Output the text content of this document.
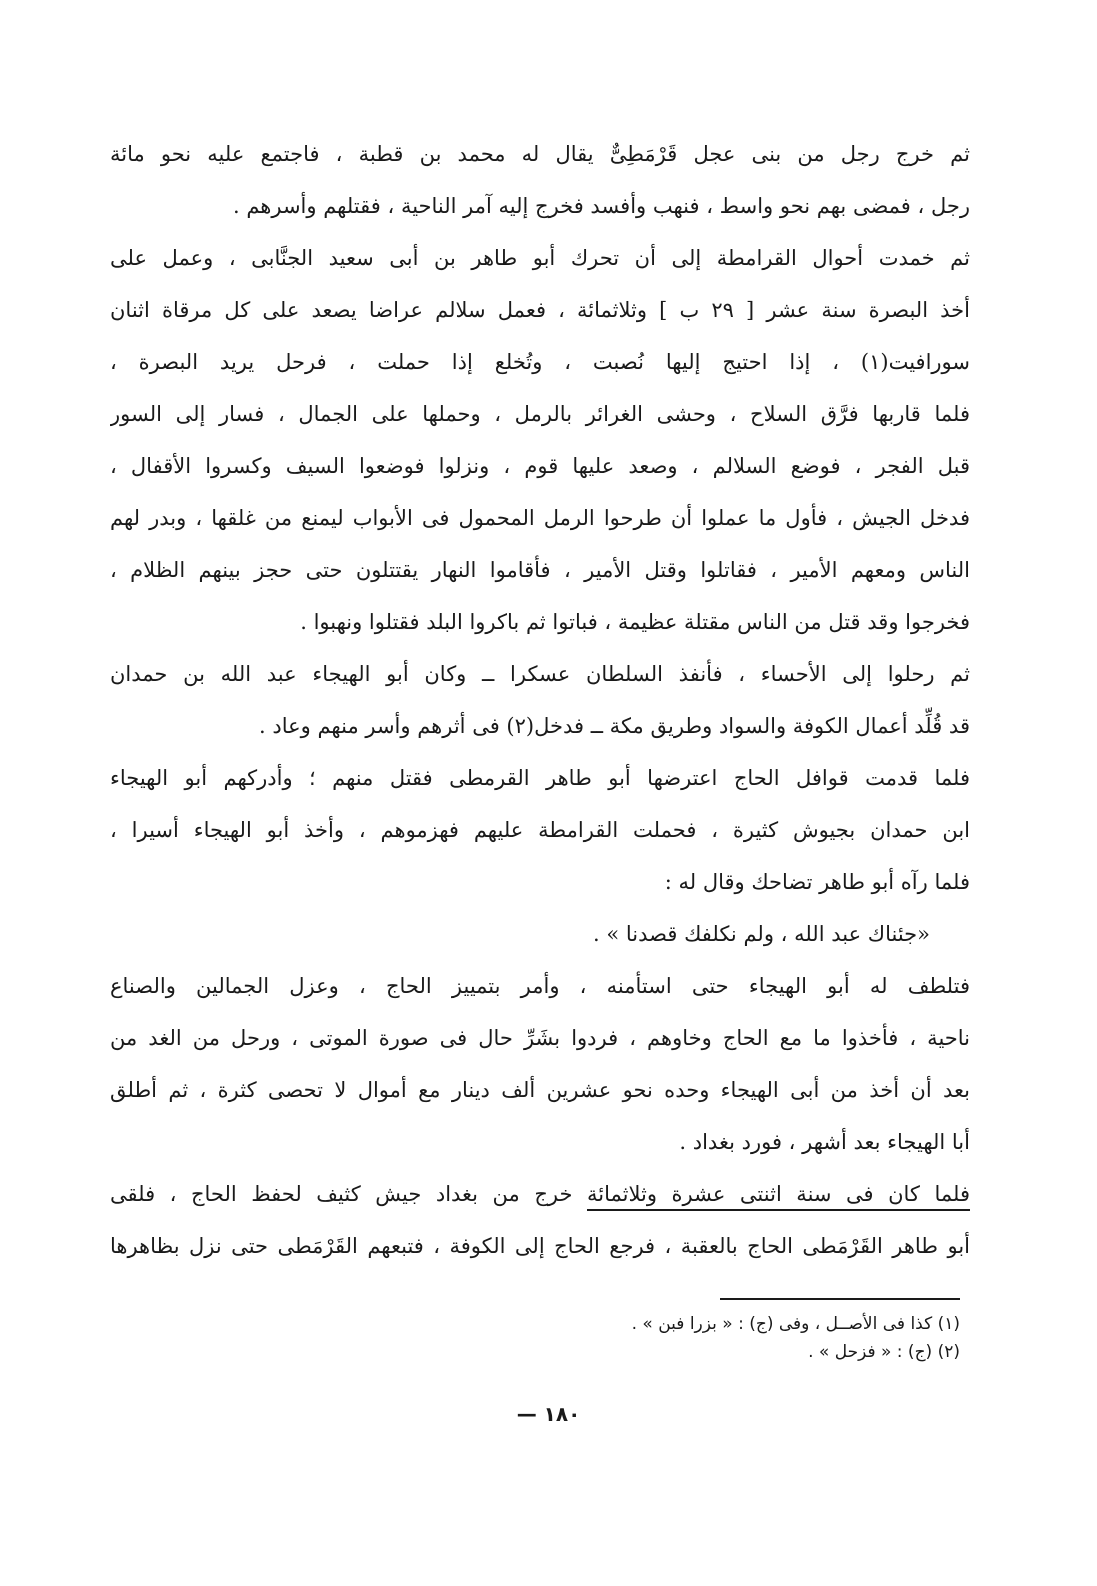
ثم خرج رجل من بنى عجل قَرْمَطِىٌّ يقال له محمد بن قطبة ، فاجتمع عليه نحو مائة
رجل ، فمضى بهم نحو واسط ، فنهب وأفسد فخرج إليه آمر الناحية ، فقتلهم وأسرهم .
ثم خمدت أحوال القرامطة إلى أن تحرك أبو طاهر بن أبى سعيد الجنَّابى ، وعمل على
أخذ البصرة سنة عشر [ ٢٩ ب ] وثلاثمائة ، فعمل سلالم عراضا يصعد على كل مرقاة اثنان
سورافيت(١) ، إذا احتيج إليها نُصبت ، وتُخلع إذا حملت ، فرحل يريد البصرة ،
فلما قاربها فرَّق السلاح ، وحشى الغرائر بالرمل ، وحملها على الجمال ، فسار إلى السور
قبل الفجر ، فوضع السلالم ، وصعد عليها قوم ، ونزلوا فوضعوا السيف وكسروا الأقفال ،
فدخل الجيش ، فأول ما عملوا أن طرحوا الرمل المحمول فى الأبواب ليمنع من غلقها ، وبدر لهم
الناس ومعهم الأمير ، فقاتلوا وقتل الأمير ، فأقاموا النهار يقتتلون حتى حجز بينهم الظلام ،
فخرجوا وقد قتل من الناس مقتلة عظيمة ، فباتوا ثم باكروا البلد فقتلوا ونهبوا .
ثم رحلوا إلى الأحساء ، فأنفذ السلطان عسكرا ــ وكان أبو الهيجاء عبد الله بن حمدان
قد قُلِّد أعمال الكوفة والسواد وطريق مكة ــ فدخل(٢) فى أثرهم وأسر منهم وعاد .
فلما قدمت قوافل الحاج اعترضها أبو طاهر القرمطى فقتل منهم ؛ وأدركهم أبو الهيجاء
ابن حمدان بجيوش كثيرة ، فحملت القرامطة عليهم فهزموهم ، وأخذ أبو الهيجاء أسيرا ،
فلما رآه أبو طاهر تضاحك وقال له :
«جئناك عبد الله ، ولم نكلفك قصدنا » .
فتلطف له أبو الهيجاء حتى استأمنه ، وأمر بتمييز الحاج ، وعزل الجمالين والصناع
ناحية ، فأخذوا ما مع الحاج وخاوهم ، فردوا بشَرِّ حال فى صورة الموتى ، ورحل من الغد من
بعد أن أخذ من أبى الهيجاء وحده نحو عشرين ألف دينار مع أموال لا تحصى كثرة ، ثم أطلق
أبا الهيجاء بعد أشهر ، فورد بغداد .
فلما كان فى سنة اثنتى عشرة وثلاثمائة خرج من بغداد جيش كثيف لحفظ الحاج ، فلقى
أبو طاهر القَرْمَطى الحاج بالعقبة ، فرجع الحاج إلى الكوفة ، فتبعهم القَرْمَطى حتى نزل بظاهرها
(١) كذا فى الأصــل ، وفى (ج) : « بزرا فبن » .
(٢) (ج) : « فزحل » .
١٨٠ —
